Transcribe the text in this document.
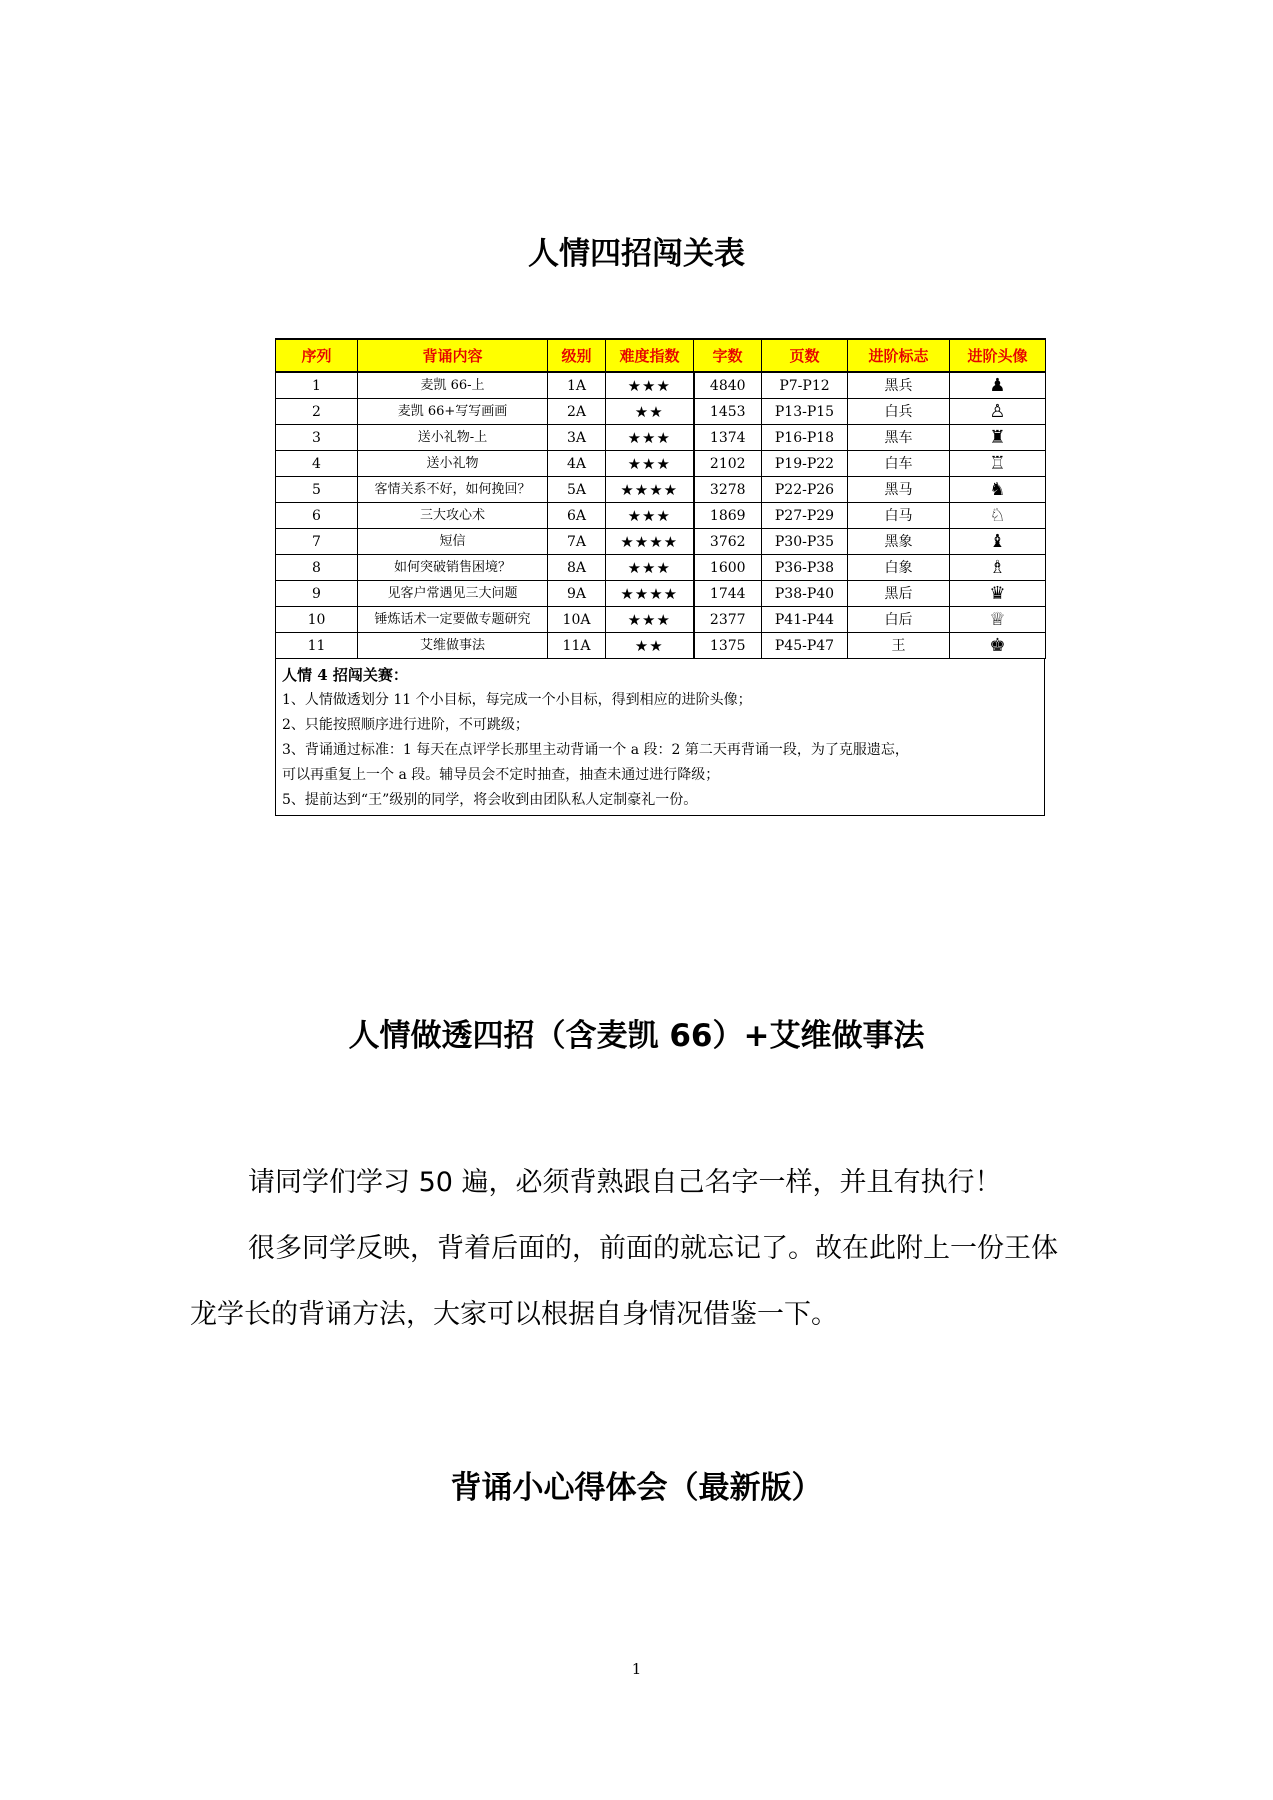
人情四招闯关表
序列	背诵内容	级别	难度指数	字数	页数	进阶标志	进阶头像
1	麦凯 66-上	1A	★★★	4840	P7-P12	黑兵	♟
2	麦凯 66+写写画画	2A	★★	1453	P13-P15	白兵	♙
3	送小礼物-上	3A	★★★	1374	P16-P18	黑车	♜
4	送小礼物	4A	★★★	2102	P19-P22	白车	♖
5	客情关系不好，如何挽回？	5A	★★★★	3278	P22-P26	黑马	♞
6	三大攻心术	6A	★★★	1869	P27-P29	白马	♘
7	短信	7A	★★★★	3762	P30-P35	黑象	♝
8	如何突破销售困境？	8A	★★★	1600	P36-P38	白象	♗
9	见客户常遇见三大问题	9A	★★★★	1744	P38-P40	黑后	♛
10	锤炼话术一定要做专题研究	10A	★★★	2377	P41-P44	白后	♕
11	艾维做事法	11A	★★	1375	P45-P47	王	♚
人情 4 招闯关赛：

1、人情做透划分 11 个小目标，每完成一个小目标，得到相应的进阶头像；

2、只能按照顺序进行进阶，不可跳级；

3、背诵通过标准：1 每天在点评学长那里主动背诵一个 a 段：2 第二天再背诵一段，为了克服遗忘，

可以再重复上一个 a 段。辅导员会不定时抽查，抽查未通过进行降级；

5、提前达到“王”级别的同学，将会收到由团队私人定制豪礼一份。

人情做透四招（含麦凯 66）+艾维做事法

请同学们学习 50 遍，必须背熟跟自己名字一样，并且有执行！

很多同学反映，背着后面的，前面的就忘记了。故在此附上一份王体龙学长的背诵方法，大家可以根据自身情况借鉴一下。

背诵小心得体会（最新版）
1
